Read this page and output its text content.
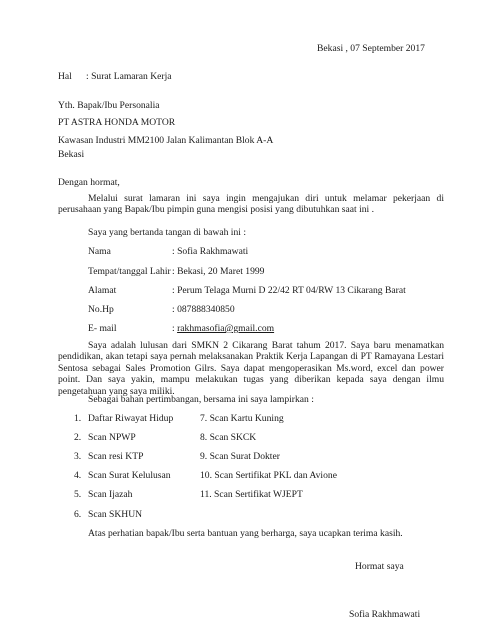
Bekasi , 07 September 2017
Hal : Surat Lamaran Kerja
Yth. Bapak/Ibu Personalia
PT ASTRA HONDA MOTOR
Kawasan Industri MM2100 Jalan Kalimantan Blok A-A
Bekasi
Dengan hormat,
Melalui surat lamaran ini saya ingin mengajukan diri untuk melamar pekerjaan di perusahaan yang Bapak/Ibu pimpin guna mengisi posisi yang dibutuhkan saat ini .
Saya yang bertanda tangan di bawah ini :
Nama	: Sofia Rakhmawati
Tempat/tanggal Lahir : Bekasi, 20 Maret 1999
Alamat	: Perum Telaga Murni D 22/42 RT 04/RW 13 Cikarang Barat
No.Hp	: 087888340850
E- mail	: rakhmasofia@gmail.com
Saya adalah lulusan dari SMKN 2 Cikarang Barat tahum 2017. Saya baru menamatkan pendidikan, akan tetapi saya pernah melaksanakan Praktik Kerja Lapangan di PT Ramayana Lestari Sentosa sebagai Sales Promotion Gilrs. Saya dapat mengoperasikan Ms.word, excel dan power point. Dan saya yakin, mampu melakukan tugas yang diberikan kepada saya dengan ilmu pengetahuan yang saya miliki.
Sebagai bahan pertimbangan, bersama ini saya lampirkan :
1. Daftar Riwayat Hidup
2. Scan NPWP
3. Scan resi KTP
4. Scan Surat Kelulusan
5. Scan Ijazah
6. Scan SKHUN
7. Scan Kartu Kuning
8. Scan SKCK
9. Scan Surat Dokter
10. Scan Sertifikat PKL dan Avione
11. Scan Sertifikat WJEPT
Atas perhatian bapak/Ibu serta bantuan yang berharga, saya ucapkan terima kasih.
Hormat saya
Sofia Rakhmawati
